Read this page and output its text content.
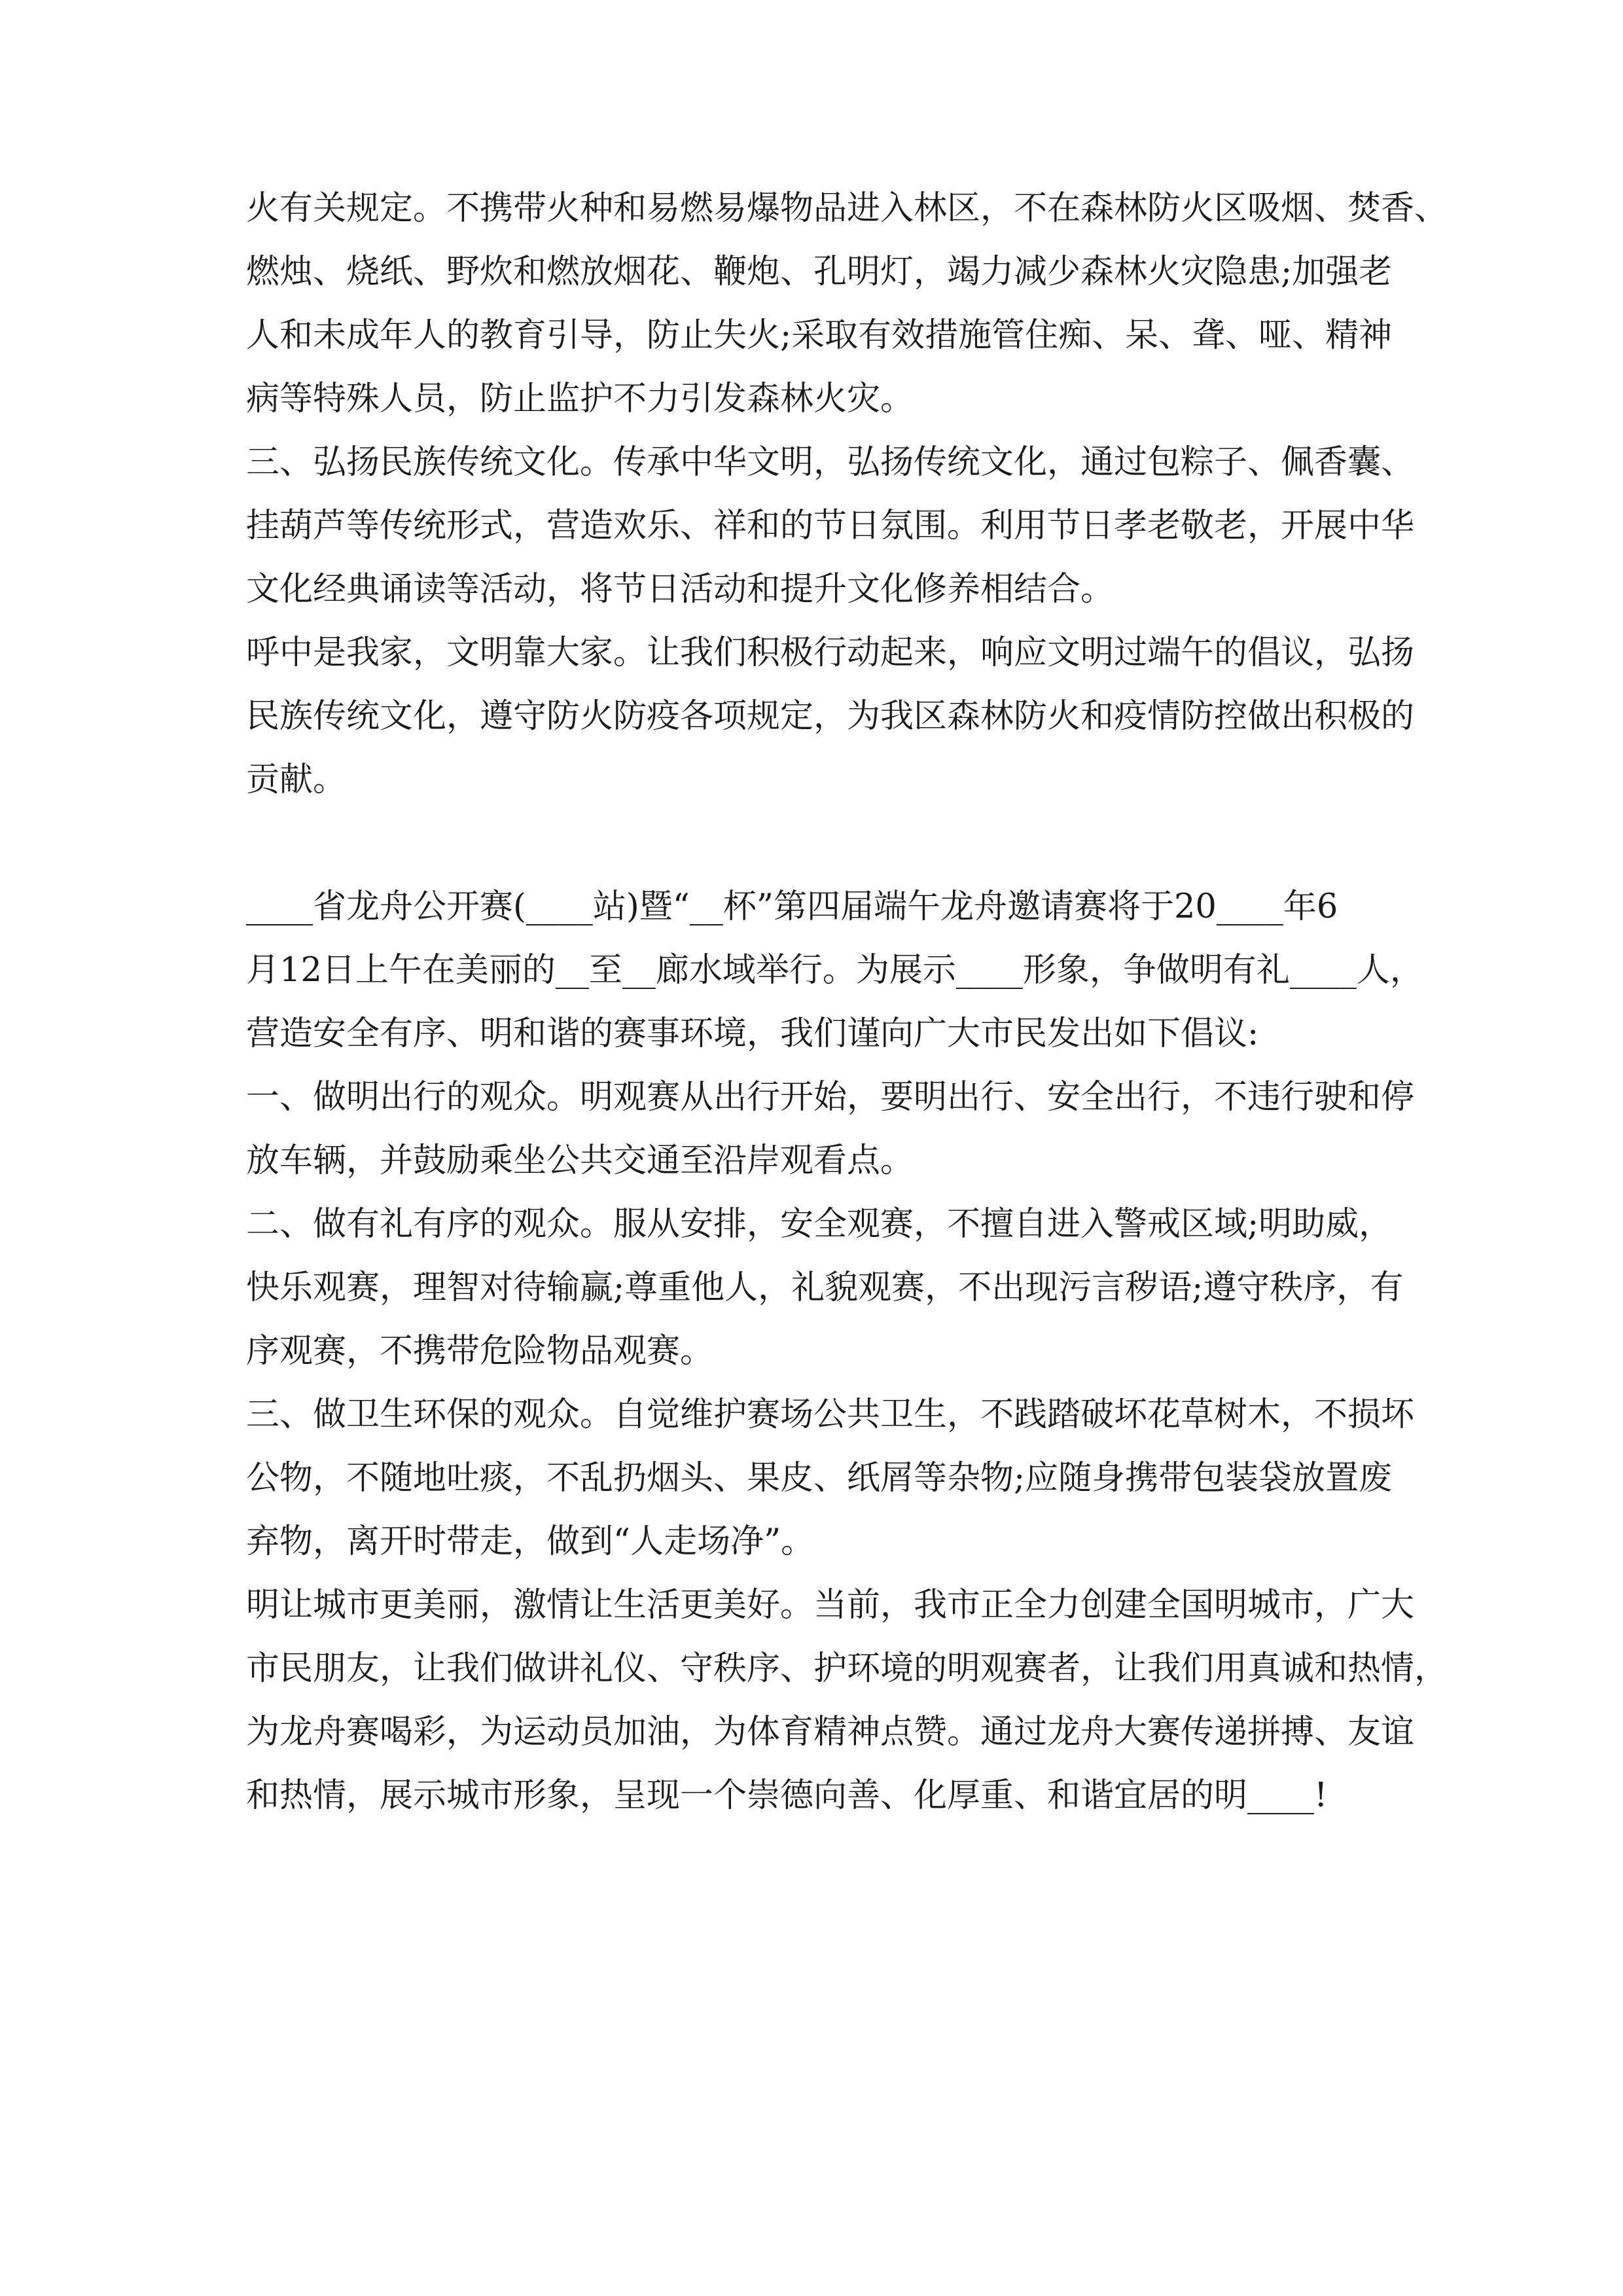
火有关规定。不携带火种和易燃易爆物品进入林区，不在森林防火区吸烟、焚香、
燃烛、烧纸、野炊和燃放烟花、鞭炮、孔明灯，竭力减少森林火灾隐患;加强老
人和未成年人的教育引导，防止失火;采取有效措施管住痴、呆、聋、哑、精神
病等特殊人员，防止监护不力引发森林火灾。
三、弘扬民族传统文化。传承中华文明，弘扬传统文化，通过包粽子、佩香囊、
挂葫芦等传统形式，营造欢乐、祥和的节日氛围。利用节日孝老敬老，开展中华
文化经典诵读等活动，将节日活动和提升文化修养相结合。
呼中是我家，文明靠大家。让我们积极行动起来，响应文明过端午的倡议，弘扬
民族传统文化，遵守防火防疫各项规定，为我区森林防火和疫情防控做出积极的
贡献。
____省龙舟公开赛(____站)暨“__杯”第四届端午龙舟邀请赛将于20____年6
月12日上午在美丽的__至__廊水域举行。为展示____形象，争做明有礼____人，
营造安全有序、明和谐的赛事环境，我们谨向广大市民发出如下倡议:
一、做明出行的观众。明观赛从出行开始，要明出行、安全出行，不违行驶和停
放车辆，并鼓励乘坐公共交通至沿岸观看点。
二、做有礼有序的观众。服从安排，安全观赛，不擅自进入警戒区域;明助威，
快乐观赛，理智对待输赢;尊重他人，礼貌观赛，不出现污言秽语;遵守秩序，有
序观赛，不携带危险物品观赛。
三、做卫生环保的观众。自觉维护赛场公共卫生，不践踏破坏花草树木，不损坏
公物，不随地吐痰，不乱扔烟头、果皮、纸屑等杂物;应随身携带包装袋放置废
弃物，离开时带走，做到“人走场净”。
明让城市更美丽，激情让生活更美好。当前，我市正全力创建全国明城市，广大
市民朋友，让我们做讲礼仪、守秩序、护环境的明观赛者，让我们用真诚和热情，
为龙舟赛喝彩，为运动员加油，为体育精神点赞。通过龙舟大赛传递拼搏、友谊
和热情，展示城市形象，呈现一个崇德向善、化厚重、和谐宜居的明____!
